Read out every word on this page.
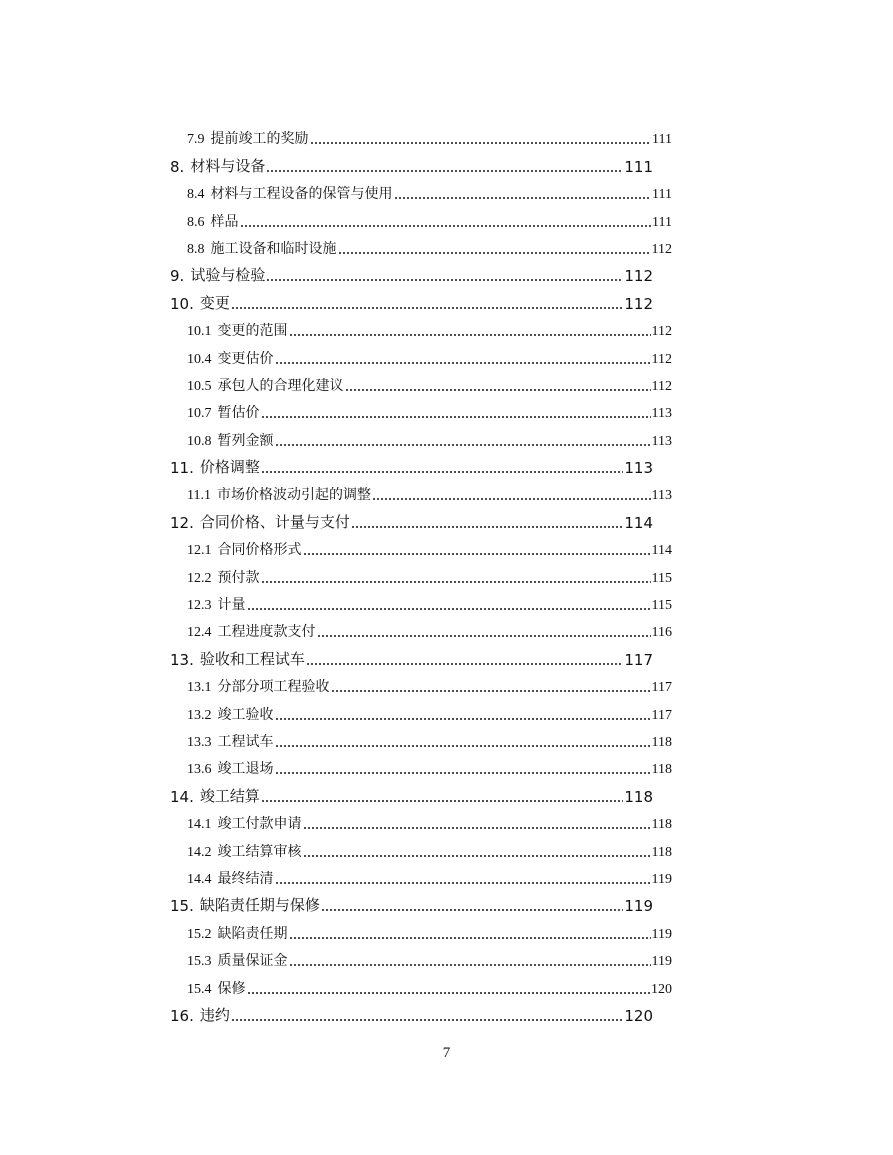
7.9 提前竣工的奖励	111
8. 材料与设备	111
8.4 材料与工程设备的保管与使用	111
8.6 样品	111
8.8 施工设备和临时设施	112
9. 试验与检验	112
10. 变更	112
10.1 变更的范围	112
10.4 变更估价	112
10.5 承包人的合理化建议	112
10.7 暂估价	113
10.8 暂列金额	113
11. 价格调整	113
11.1 市场价格波动引起的调整	113
12. 合同价格、计量与支付	114
12.1 合同价格形式	114
12.2 预付款	115
12.3 计量	115
12.4 工程进度款支付	116
13. 验收和工程试车	117
13.1 分部分项工程验收	117
13.2 竣工验收	117
13.3 工程试车	118
13.6 竣工退场	118
14. 竣工结算	118
14.1 竣工付款申请	118
14.2 竣工结算审核	118
14.4 最终结清	119
15. 缺陷责任期与保修	119
15.2 缺陷责任期	119
15.3 质量保证金	119
15.4 保修	120
16. 违约	120
7
